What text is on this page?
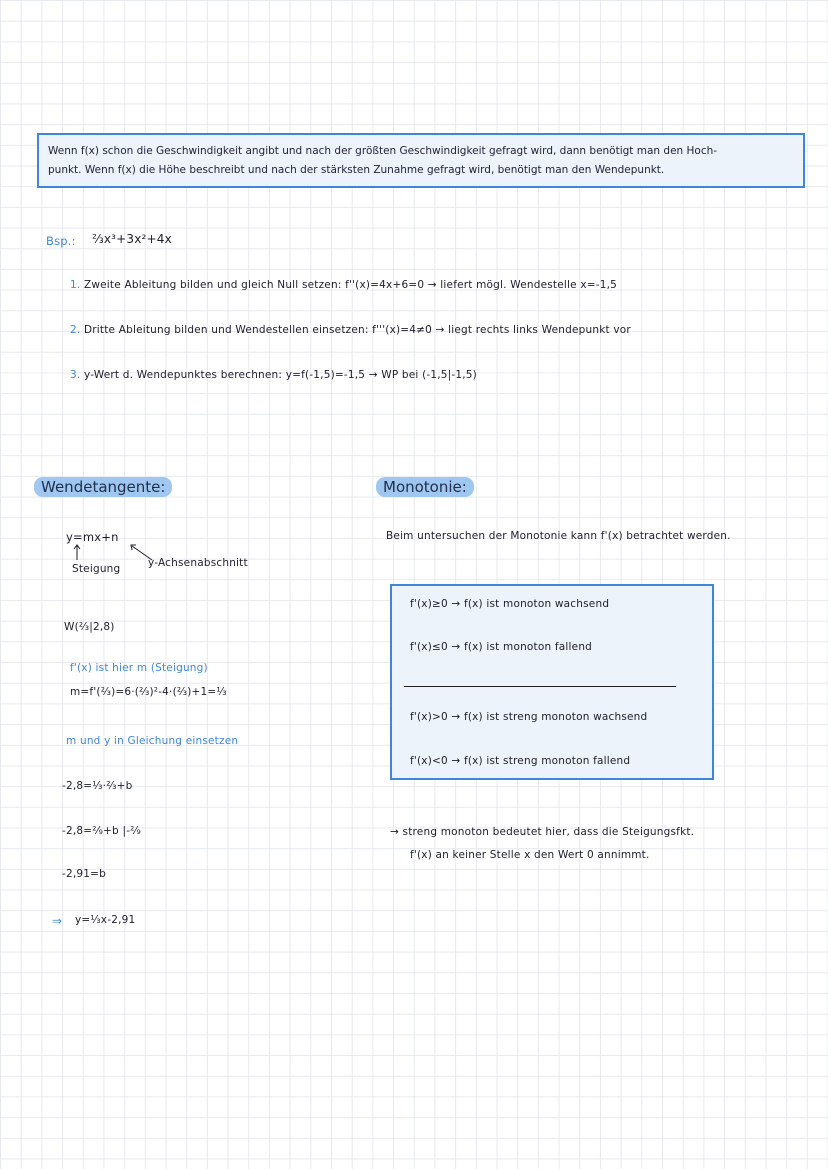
Wenn f(x) schon die Geschwindigkeit angibt und nach der größten Geschwindigkeit gefragt wird, dann benötigt man den Hoch-
punkt. Wenn f(x) die Höhe beschreibt und nach der stärksten Zunahme gefragt wird, benötigt man den Wendepunkt.
Bsp.: ⅔x³+3x²+4x
1. Zweite Ableitung bilden und gleich Null setzen: f''(x)=4x+6=0 → liefert mögl. Wendestelle x=-1,5
2. Dritte Ableitung bilden und Wendestellen einsetzen: f'''(x)=4≠0 → liegt rechts links Wendepunkt vor
3. y-Wert d. Wendepunktes berechnen: y=f(-1,5)=-1,5 → WP bei (-1,5|-1,5)
Wendetangente:
y=mx+n
Steigung	y-Achsenabschnitt
W(⅔|2,8)
f'(x) ist hier m (Steigung)
m=f'(⅔)=6·(⅔)²-4·(⅔)+1=⅓
m und y in Gleichung einsetzen
-2,8=⅓·⅔+b
-2,8=²⁄₉+b |-²⁄₉
-2,91=b
⇒ y=⅓x-2,91
Monotonie:
Beim untersuchen der Monotonie kann f'(x) betrachtet werden.
f'(x)≥0 → f(x) ist monoton wachsend
f'(x)≤0 → f(x) ist monoton fallend
f'(x)>0 → f(x) ist streng monoton wachsend
f'(x)<0 → f(x) ist streng monoton fallend
→ streng monoton bedeutet hier, dass die Steigungsfkt.
f'(x) an keiner Stelle x den Wert 0 annimmt.
